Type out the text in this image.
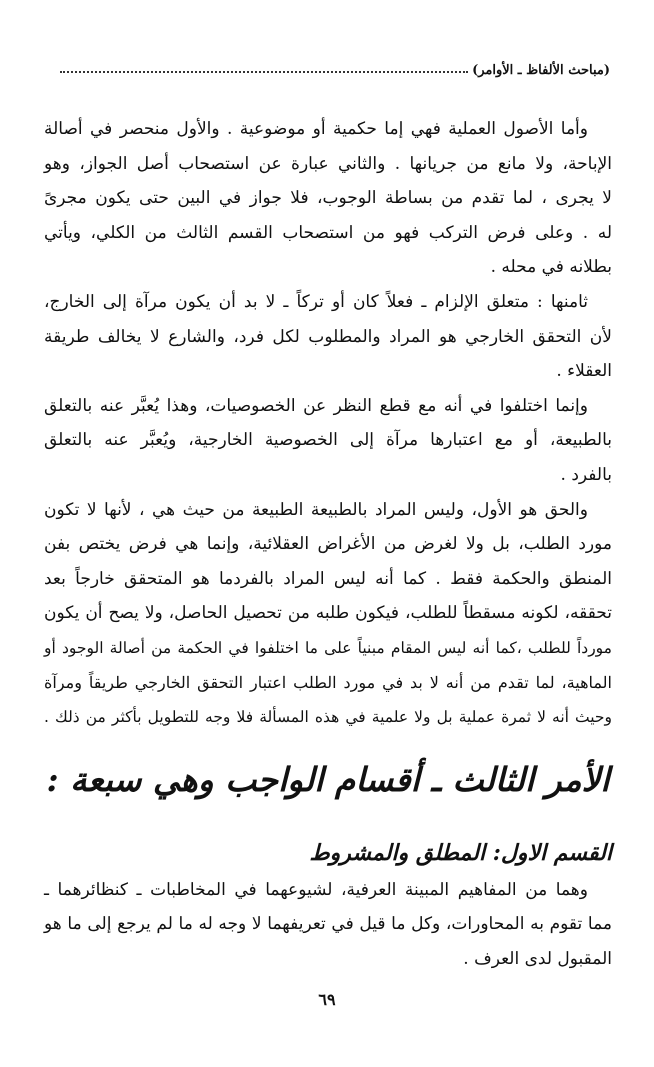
(مباحث الألفاظ ـ الأوامر)
وأما الأصول العملية فهي إما حكمية أو موضوعية . والأول منحصر في أصالة
الإباحة، ولا مانع من جريانها . والثاني عبارة عن استصحاب أصل الجواز، وهو
لا يجرى ، لما تقدم من بساطة الوجوب، فلا جواز في البين حتى يكون مجرىً
له . وعلى فرض التركب فهو من استصحاب القسم الثالث من الكلي، ويأتي
بطلانه في محله .
ثامنها : متعلق الإلزام ـ فعلاً كان أو تركاً ـ لا بد أن يكون مرآة إلى الخارج،
لأن التحقق الخارجي هو المراد والمطلوب لكل فرد، والشارع لا يخالف طريقة
العقلاء .
وإنما اختلفوا في أنه مع قطع النظر عن الخصوصيات، وهذا يُعبَّر عنه بالتعلق
بالطبيعة، أو مع اعتبارها مرآة إلى الخصوصية الخارجية، ويُعبَّر عنه بالتعلق
بالفرد .
والحق هو الأول، وليس المراد بالطبيعة الطبيعة من حيث هي ، لأنها لا تكون
مورد الطلب، بل ولا لغرض من الأغراض العقلائية، وإنما هي فرض يختص بفن
المنطق والحكمة فقط . كما أنه ليس المراد بالفردما هو المتحقق خارجاً بعد
تحققه، لكونه مسقطاً للطلب، فيكون طلبه من تحصيل الحاصل، ولا يصح أن يكون
مورداً للطلب ،كما أنه ليس المقام مبنياً على ما اختلفوا في الحكمة من أصالة الوجود أو
الماهية، لما تقدم من أنه لا بد في مورد الطلب اعتبار التحقق الخارجي طريقاً ومرآة
وحيث أنه لا ثمرة عملية بل ولا علمية في هذه المسألة فلا وجه للتطويل بأكثر من ذلك .
الأمر الثالث ـ أقسام الواجب وهي سبعة :
القسم الاول: المطلق والمشروط
وهما من المفاهيم المبينة العرفية، لشيوعهما في المخاطبات ـ كنظائرهما ـ
مما تقوم به المحاورات، وكل ما قيل في تعريفهما لا وجه له ما لم يرجع إلى ما هو
المقبول لدى العرف .
٦٩
